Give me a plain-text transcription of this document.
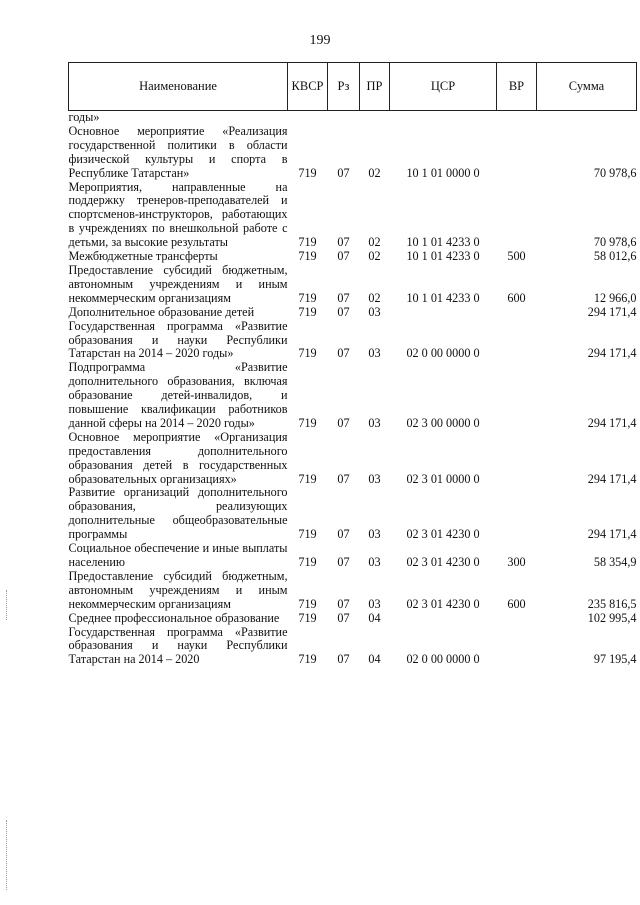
199
Наименование	КВСР	Рз	ПР	ЦСР	ВР	Сумма
годы»						
Основное мероприятие «Реализация государственной политики в области физической культуры и спорта в Республике Татарстан»	719	07	02	10 1 01 0000 0		70 978,6
Мероприятия, направленные на поддержку тренеров-преподавателей и спортсменов-инструкторов, работающих в учреждениях по внешкольной работе с детьми, за высокие результаты	719	07	02	10 1 01 4233 0		70 978,6
Межбюджетные трансферты	719	07	02	10 1 01 4233 0	500	58 012,6
Предоставление субсидий бюджетным, автономным учреждениям и иным некоммерческим организациям	719	07	02	10 1 01 4233 0	600	12 966,0
Дополнительное образование детей	719	07	03			294 171,4
Государственная программа «Развитие образования и науки Республики Татарстан на 2014 – 2020 годы»	719	07	03	02 0 00 0000 0		294 171,4
Подпрограмма «Развитие дополнительного образования, включая образование детей-инвалидов, и повышение квалификации работников данной сферы на 2014 – 2020 годы»	719	07	03	02 3 00 0000 0		294 171,4
Основное мероприятие «Организация предоставления дополнительного образования детей в государственных образовательных организациях»	719	07	03	02 3 01 0000 0		294 171,4
Развитие организаций дополнительного образования, реализующих дополнительные общеобразовательные программы	719	07	03	02 3 01 4230 0		294 171,4
Социальное обеспечение и иные выплаты населению	719	07	03	02 3 01 4230 0	300	58 354,9
Предоставление субсидий бюджетным, автономным учреждениям и иным некоммерческим организациям	719	07	03	02 3 01 4230 0	600	235 816,5
Среднее профессиональное образование	719	07	04			102 995,4
Государственная программа «Развитие образования и науки Республики Татарстан на 2014 – 2020	719	07	04	02 0 00 0000 0		97 195,4
